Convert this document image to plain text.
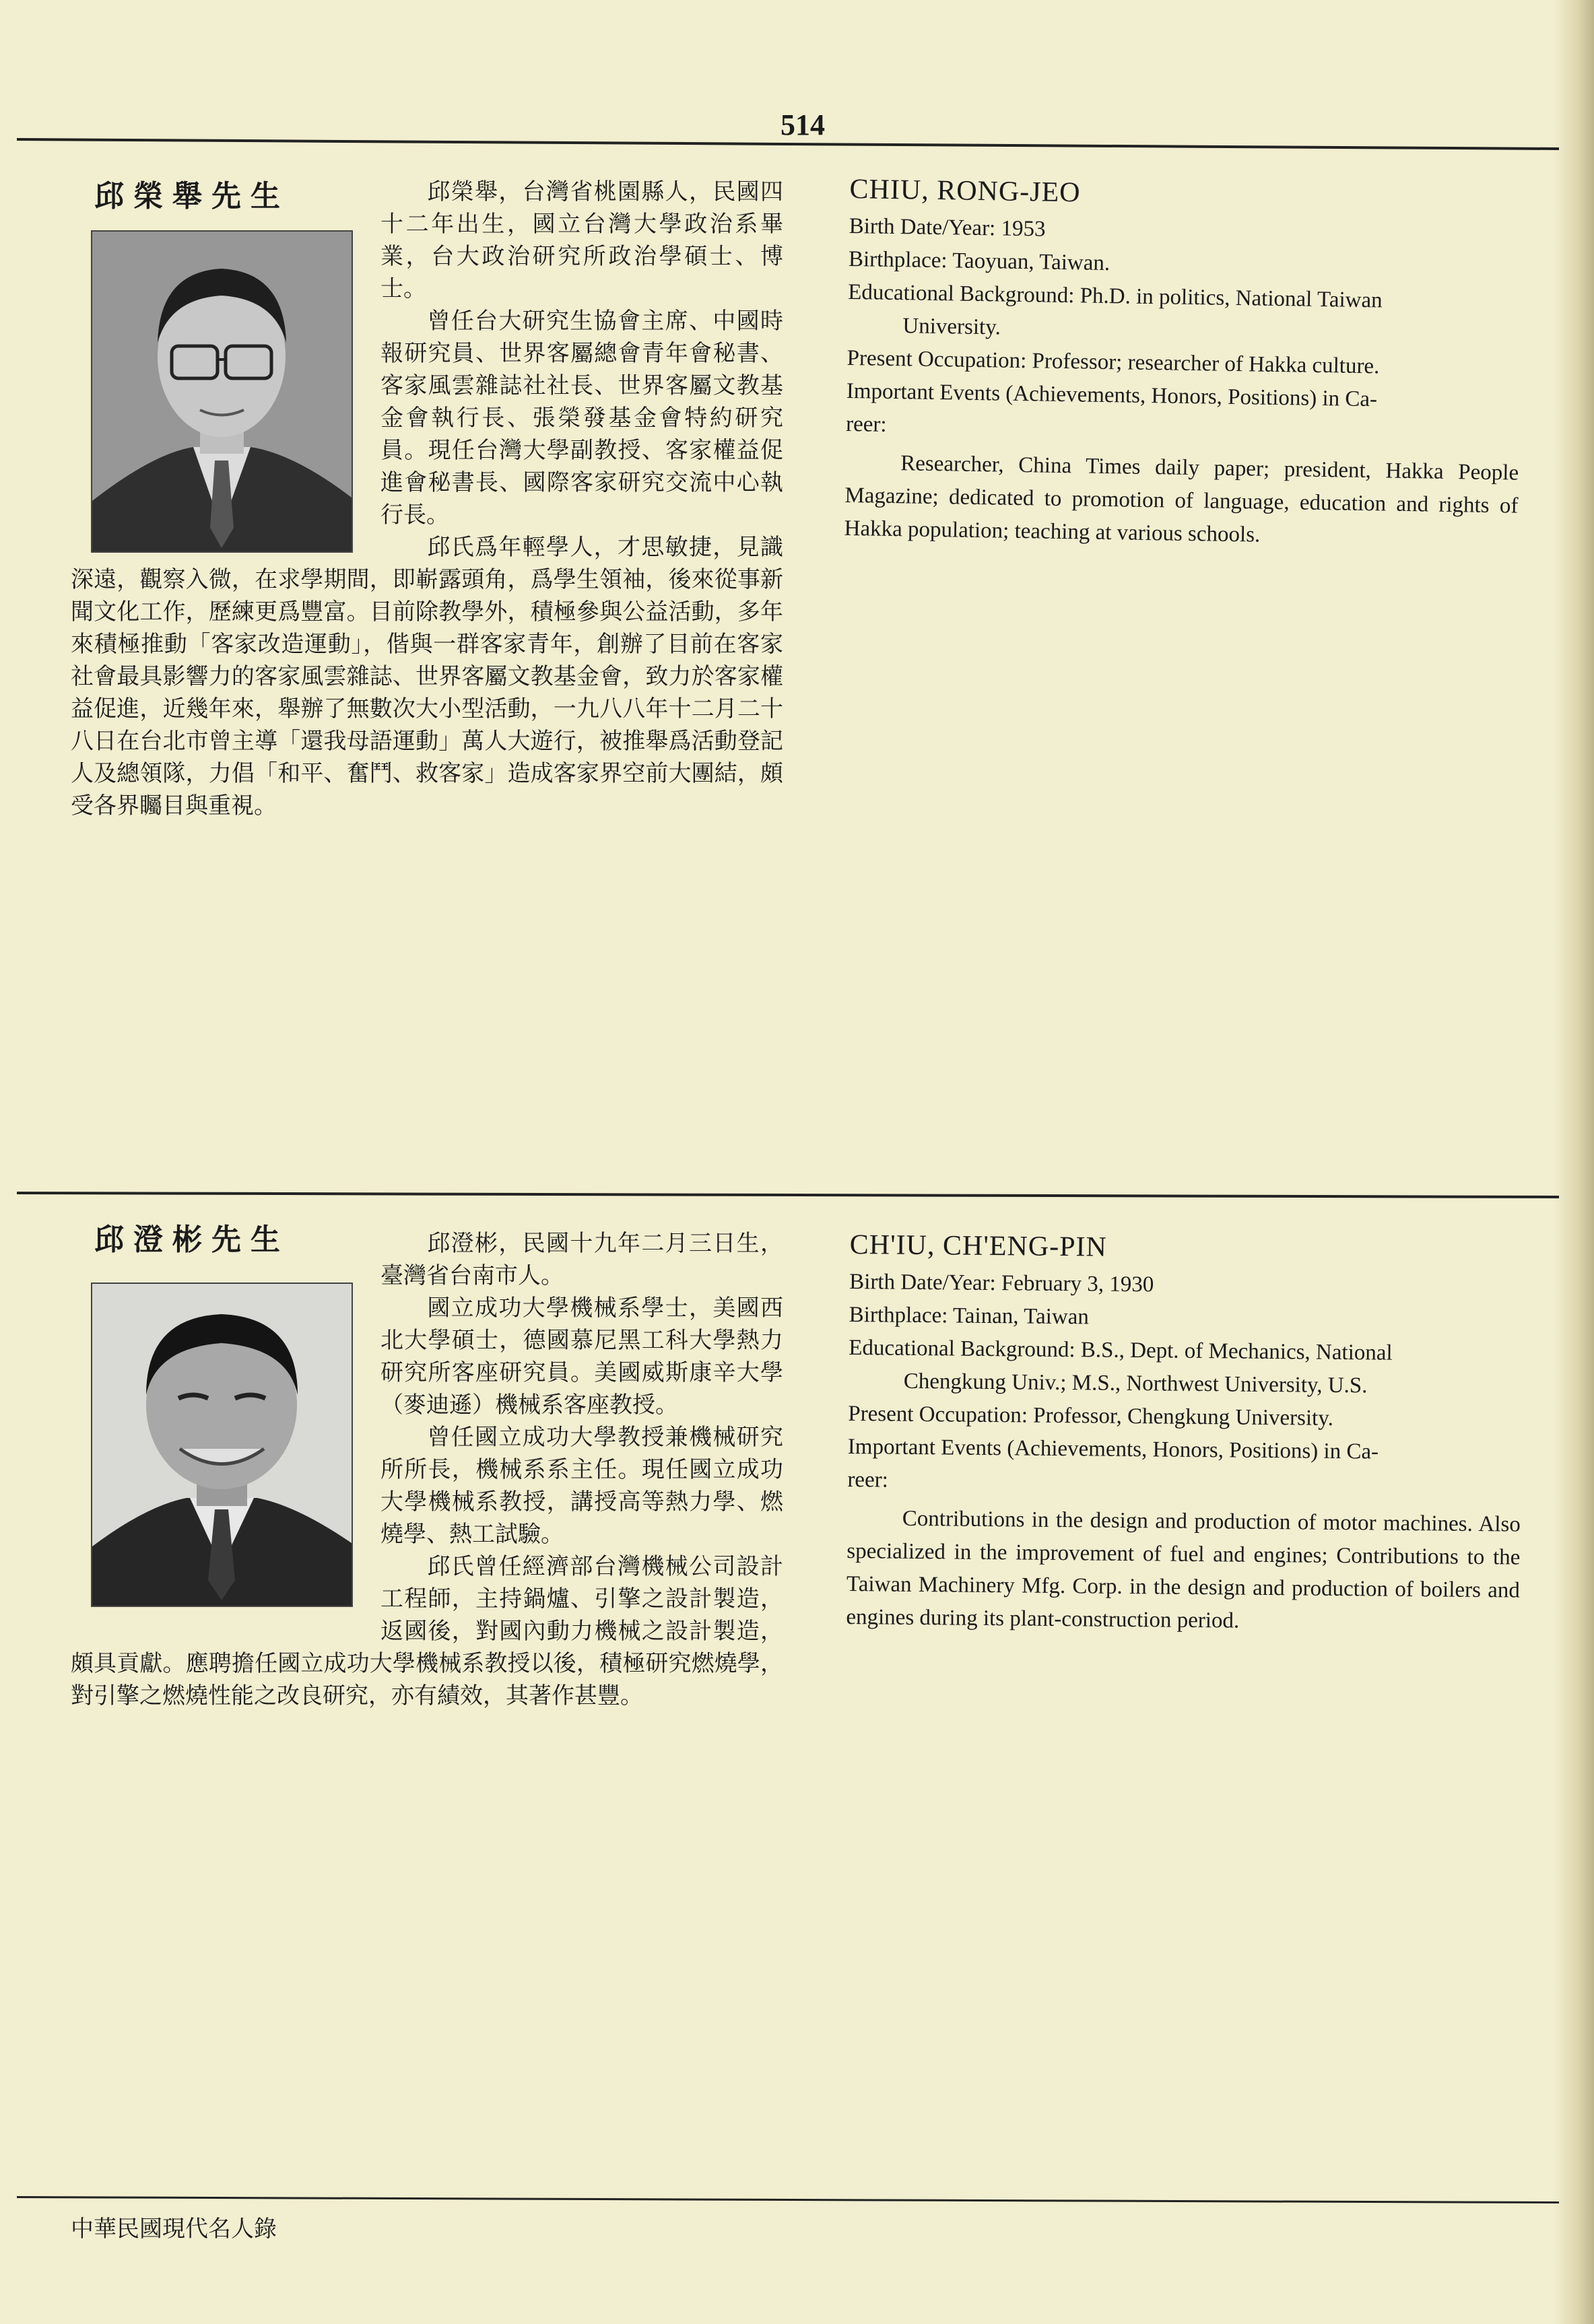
514
邱榮舉先生	邱榮舉，台灣省桃園縣人，民國四十二年出生，國立台灣大學政治系畢業，台大政治研究所政治學碩士、博士。

曾任台大研究生協會主席、中國時報研究員、世界客屬總會青年會秘書、客家風雲雜誌社社長、世界客屬文教基金會執行長、張榮發基金會特約研究員。現任台灣大學副教授、客家權益促進會秘書長、國際客家研究交流中心執行長。

邱氏爲年輕學人，才思敏捷，見識深遠，觀察入微，在求學期間，即嶄露頭角，爲學生領袖，後來從事新聞文化工作，歷練更爲豐富。目前除教學外，積極參與公益活動，多年來積極推動「客家改造運動」，偕與一群客家青年，創辦了目前在客家社會最具影響力的客家風雲雜誌、世界客屬文教基金會，致力於客家權益促進，近幾年來，舉辦了無數次大小型活動，一九八八年十二月二十八日在台北市曾主導「還我母語運動」萬人大遊行，被推舉爲活動登記人及總領隊，力倡「和平、奮鬥、救客家」造成客家界空前大團結，頗受各界矚目與重視。

CHIU, RONG-JEO
Birth Date/Year: 1953
Birthplace: Taoyuan, Taiwan.
Educational Background: Ph.D. in politics, National Taiwan
University.
Present Occupation: Professor; researcher of Hakka culture.
Important Events (Achievements, Honors, Positions) in Ca-
reer:
Researcher, China Times daily paper; president, Hakka People Magazine; dedicated to promotion of language, education and rights of Hakka population; teaching at various schools.
邱澄彬先生	邱澄彬，民國十九年二月三日生，臺灣省台南市人。

國立成功大學機械系學士，美國西北大學碩士，德國慕尼黑工科大學熱力研究所客座研究員。美國威斯康辛大學（麥迪遜）機械系客座教授。

曾任國立成功大學教授兼機械研究所所長，機械系系主任。現任國立成功大學機械系教授，講授高等熱力學、燃燒學、熱工試驗。

邱氏曾任經濟部台灣機械公司設計工程師，主持鍋爐、引擎之設計製造，返國後，對國內動力機械之設計製造，頗具貢獻。應聘擔任國立成功大學機械系教授以後，積極研究燃燒學，對引擎之燃燒性能之改良研究，亦有績效，其著作甚豐。

CH'IU, CH'ENG-PIN
Birth Date/Year: February 3, 1930
Birthplace: Tainan, Taiwan
Educational Background: B.S., Dept. of Mechanics, National
Chengkung Univ.; M.S., Northwest University, U.S.
Present Occupation: Professor, Chengkung University.
Important Events (Achievements, Honors, Positions) in Ca-
reer:
Contributions in the design and production of motor machines. Also specialized in the improvement of fuel and engines; Contributions to the Taiwan Machinery Mfg. Corp. in the design and production of boilers and engines during its plant-construction period.
中華民國現代名人錄
